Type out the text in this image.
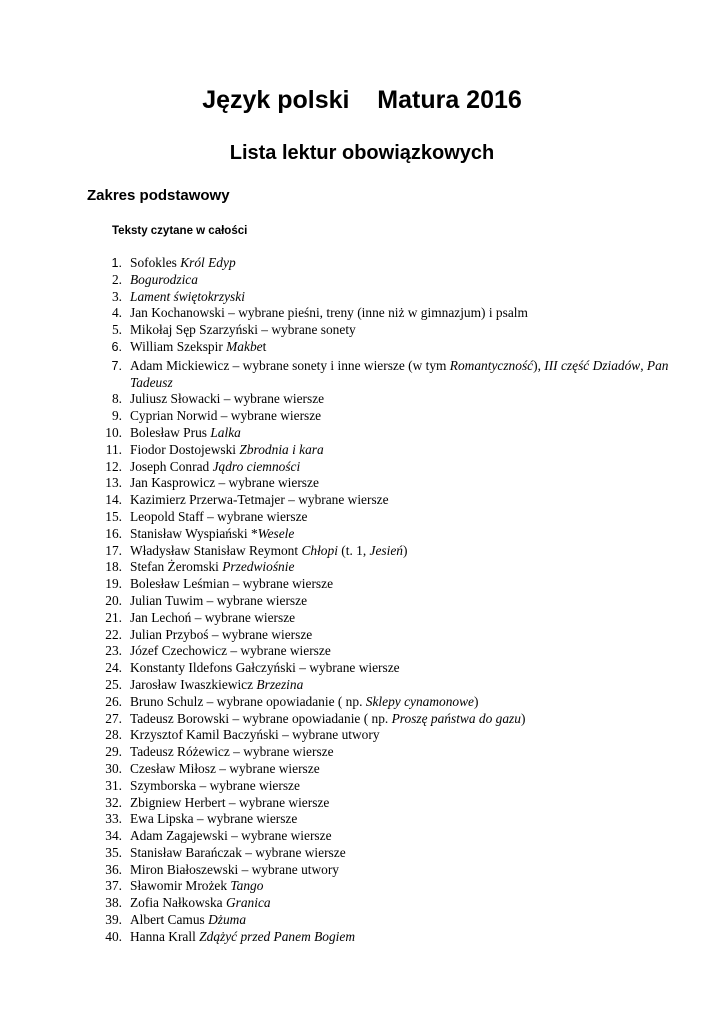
Język polski    Matura 2016
Lista lektur obowiązkowych
Zakres podstawowy
Teksty czytane w całości
1. Sofokles Król Edyp
2. Bogurodzica
3. Lament świętokrzyski
4. Jan Kochanowski – wybrane pieśni, treny (inne niż w gimnazjum) i psalm
5. Mikołaj Sęp Szarzyński – wybrane sonety
6. William Szekspir Makbet
7. Adam Mickiewicz – wybrane sonety i inne wiersze (w tym Romantyczność), III część Dziadów, Pan Tadeusz
8. Juliusz Słowacki – wybrane wiersze
9. Cyprian Norwid – wybrane wiersze
10. Bolesław Prus Lalka
11. Fiodor Dostojewski Zbrodnia i kara
12. Joseph Conrad Jądro ciemności
13. Jan Kasprowicz – wybrane wiersze
14. Kazimierz Przerwa-Tetmajer – wybrane wiersze
15. Leopold Staff – wybrane wiersze
16. Stanisław Wyspiański *Wesele
17. Władysław Stanisław Reymont Chłopi (t. 1, Jesień)
18. Stefan Żeromski Przedwiośnie
19. Bolesław Leśmian – wybrane wiersze
20. Julian Tuwim – wybrane wiersze
21. Jan Lechoń – wybrane wiersze
22. Julian Przyboś – wybrane wiersze
23. Józef Czechowicz – wybrane wiersze
24. Konstanty Ildefons Gałczyński – wybrane wiersze
25. Jarosław Iwaszkiewicz Brzezina
26. Bruno Schulz – wybrane opowiadanie ( np. Sklepy cynamonowe)
27. Tadeusz Borowski – wybrane opowiadanie ( np. Proszę państwa do gazu)
28. Krzysztof Kamil Baczyński – wybrane utwory
29. Tadeusz Różewicz – wybrane wiersze
30. Czesław Miłosz – wybrane wiersze
31. Szymborska – wybrane wiersze
32. Zbigniew Herbert – wybrane wiersze
33. Ewa Lipska – wybrane wiersze
34. Adam Zagajewski – wybrane wiersze
35. Stanisław Barańczak – wybrane wiersze
36. Miron Białoszewski – wybrane utwory
37. Sławomir Mrożek Tango
38. Zofia Nałkowska Granica
39. Albert Camus Dżuma
40. Hanna Krall Zdążyć przed Panem Bogiem
